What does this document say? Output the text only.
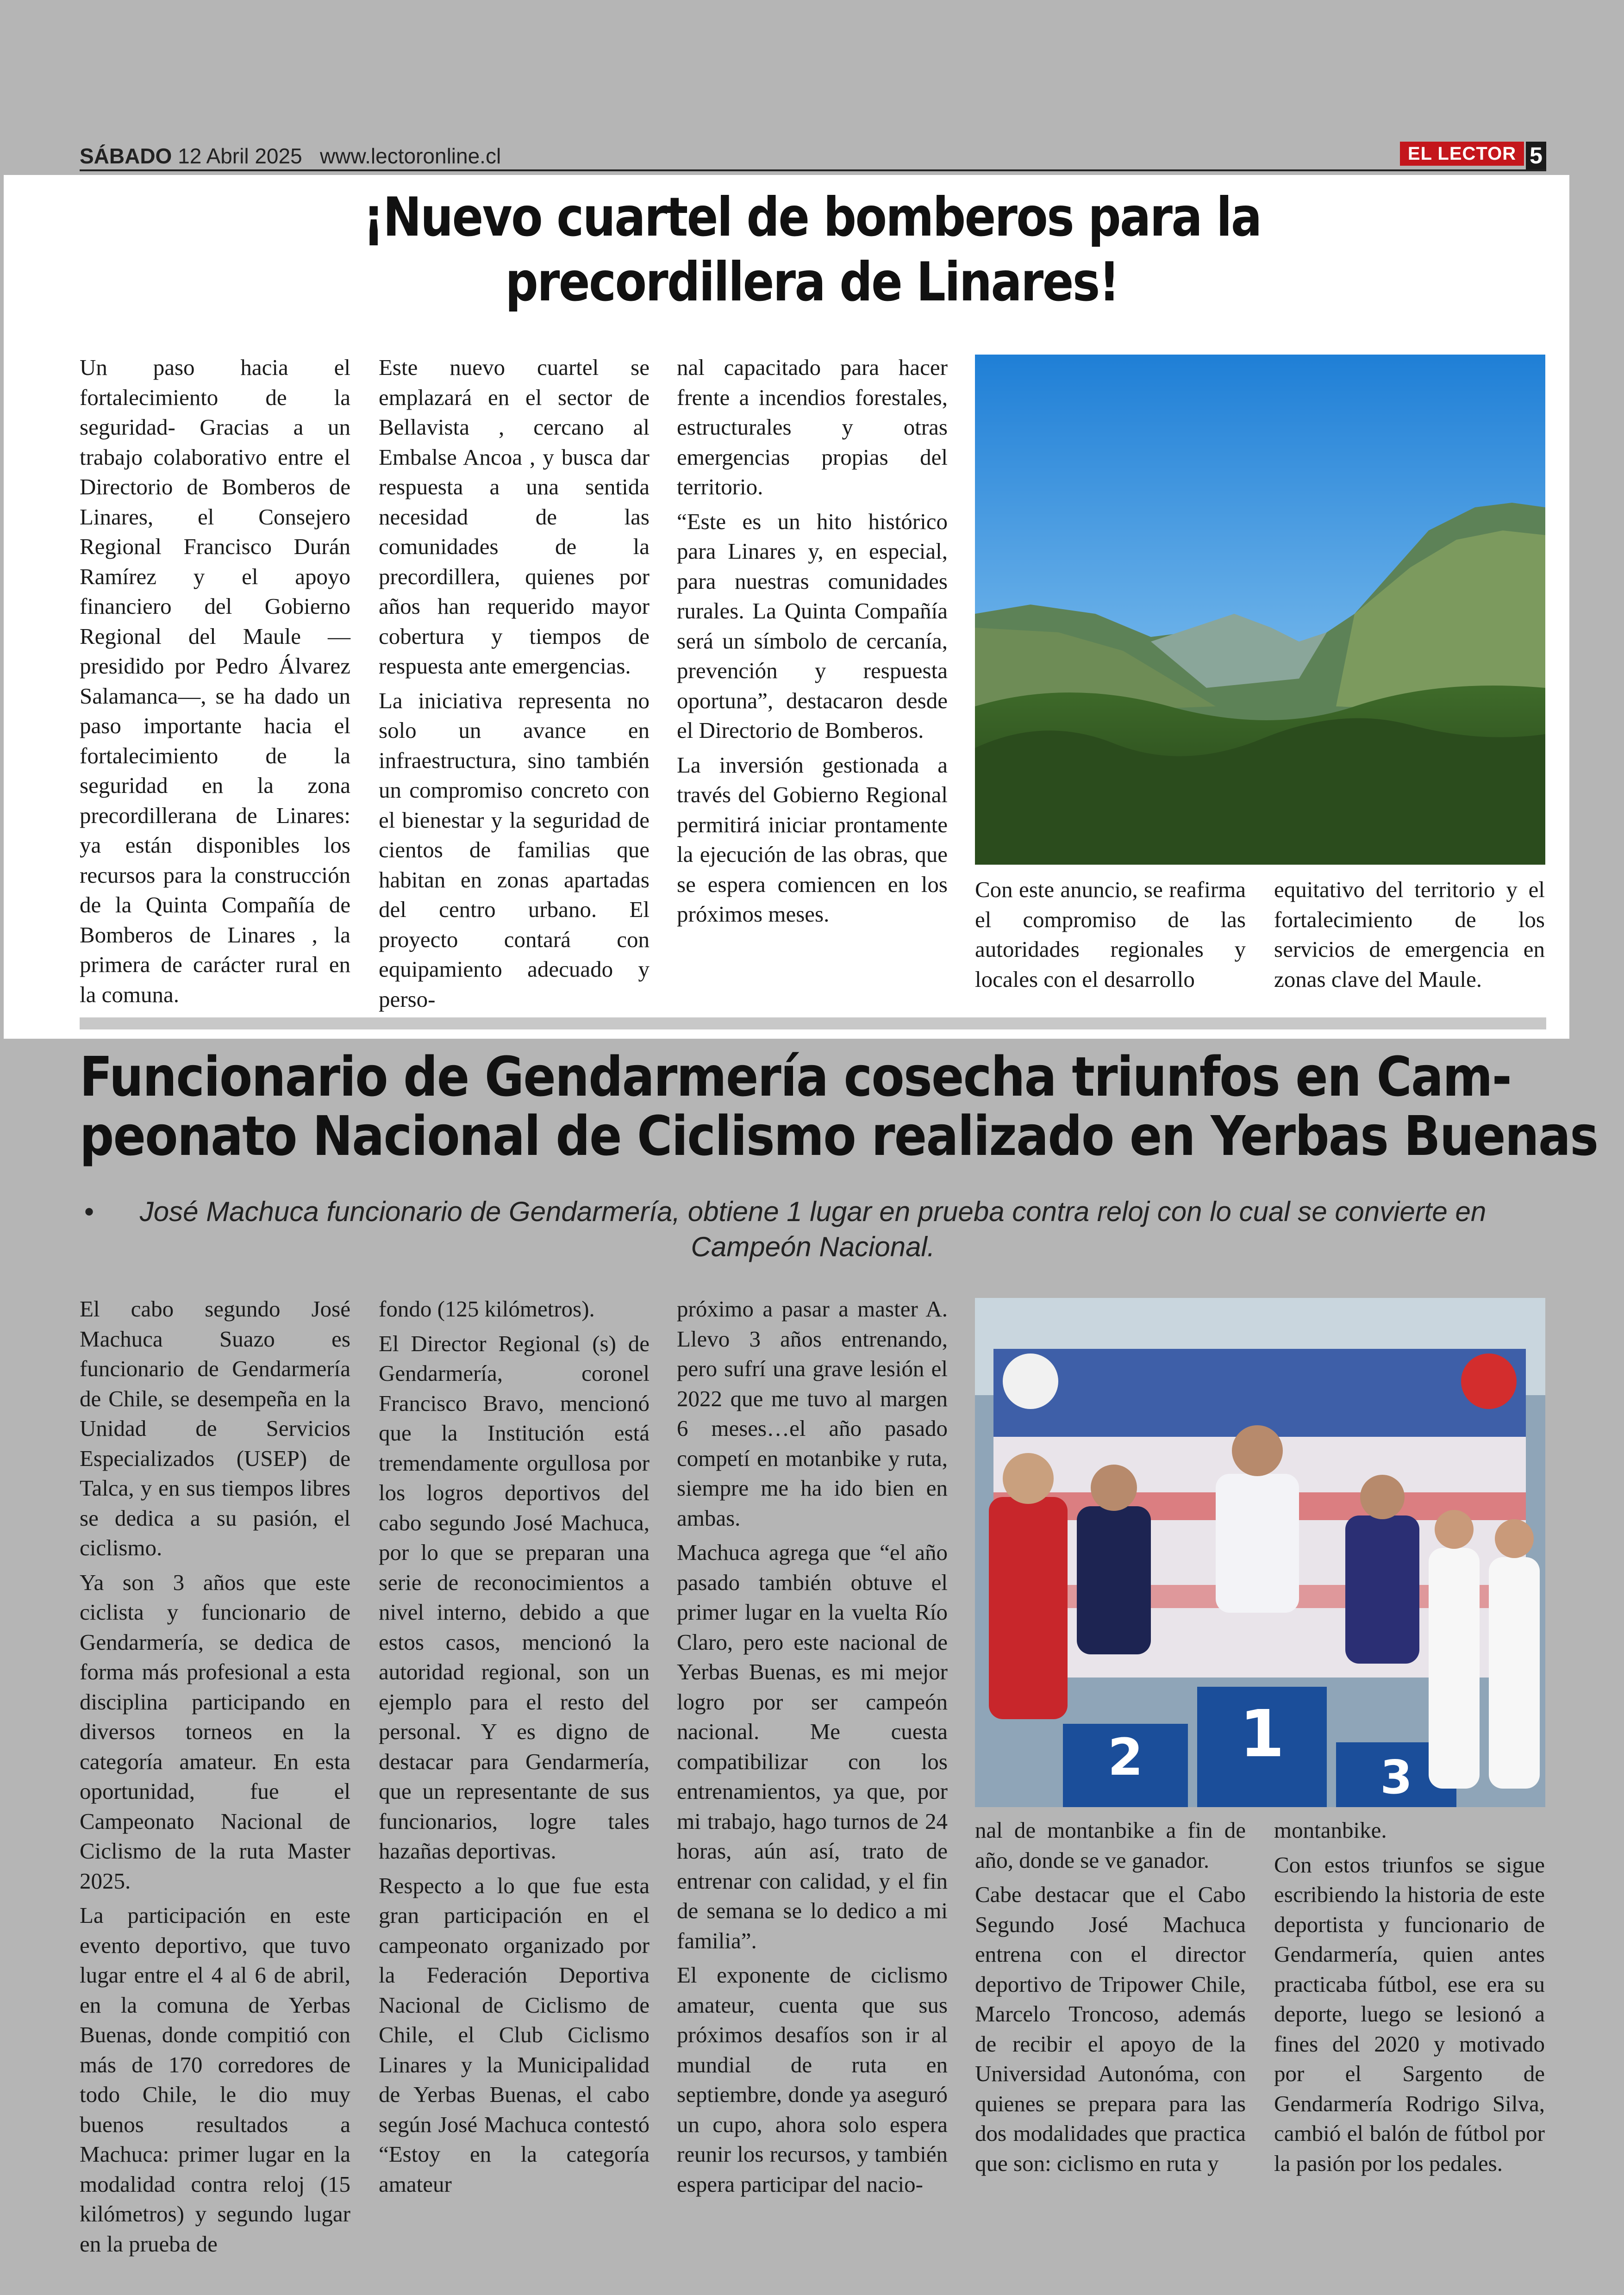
SÁBADO 12 Abril 2025 www.lectoronline.cl	EL LECTOR 5
¡Nuevo cuartel de bomberos para la
precordillera de Linares!

Un paso hacia el fortalecimiento de la seguridad- Gracias a un trabajo colaborativo entre el Directorio de Bomberos de Linares, el Consejero Regional Francisco Durán Ramírez y el apoyo financiero del Gobierno Regional del Maule —presidido por Pedro Álvarez Salamanca—, se ha dado un paso importante hacia el fortalecimiento de la seguridad en la zona precordillerana de Linares: ya están disponibles los recursos para la construcción de la Quinta Compañía de Bomberos de Linares , la primera de carácter rural en la comuna.

Este nuevo cuartel se emplazará en el sector de Bellavista , cercano al Embalse Ancoa , y busca dar respuesta a una sentida necesidad de las comunidades de la precordillera, quienes por años han requerido mayor cobertura y tiempos de respuesta ante emergencias.

La iniciativa representa no solo un avance en infraestructura, sino también un compromiso concreto con el bienestar y la seguridad de cientos de familias que habitan en zonas apartadas del centro urbano. El proyecto contará con equipamiento adecuado y perso-

nal capacitado para hacer frente a incendios forestales, estructurales y otras emergencias propias del territorio.

“Este es un hito histórico para Linares y, en especial, para nuestras comunidades rurales. La Quinta Compañía será un símbolo de cercanía, prevención y respuesta oportuna”, destacaron desde el Directorio de Bomberos.

La inversión gestionada a través del Gobierno Regional permitirá iniciar prontamente la ejecución de las obras, que se espera comiencen en los próximos meses.

Con este anuncio, se reafirma el compromiso de las autoridades regionales y locales con el desarrollo

equitativo del territorio y el fortalecimiento de los servicios de emergencia en zonas clave del Maule.

Funcionario de Gendarmería cosecha triunfos en Cam-
peonato Nacional de Ciclismo realizado en Yerbas Buenas
• José Machuca funcionario de Gendarmería, obtiene 1 lugar en prueba contra reloj con lo cual se convierte en Campeón Nacional.

El cabo segundo José Machuca Suazo es funcionario de Gendarmería de Chile, se desempeña en la Unidad de Servicios Especializados (USEP) de Talca, y en sus tiempos libres se dedica a su pasión, el ciclismo.

Ya son 3 años que este ciclista y funcionario de Gendarmería, se dedica de forma más profesional a esta disciplina participando en diversos torneos en la categoría amateur. En esta oportunidad, fue el Campeonato Nacional de Ciclismo de la ruta Master 2025.

La participación en este evento deportivo, que tuvo lugar entre el 4 al 6 de abril, en la comuna de Yerbas Buenas, donde compitió con más de 170 corredores de todo Chile, le dio muy buenos resultados a Machuca: primer lugar en la modalidad contra reloj (15 kilómetros) y segundo lugar en la prueba de

fondo (125 kilómetros).

El Director Regional (s) de Gendarmería, coronel Francisco Bravo, mencionó que la Institución está tremendamente orgullosa por los logros deportivos del cabo segundo José Machuca, por lo que se preparan una serie de reconocimientos a nivel interno, debido a que estos casos, mencionó la autoridad regional, son un ejemplo para el resto del personal. Y es digno de destacar para Gendarmería, que un representante de sus funcionarios, logre tales hazañas deportivas.

Respecto a lo que fue esta gran participación en el campeonato organizado por la Federación Deportiva Nacional de Ciclismo de Chile, el Club Ciclismo Linares y la Municipalidad de Yerbas Buenas, el cabo según José Machuca contestó “Estoy en la categoría amateur

próximo a pasar a master A. Llevo 3 años entrenando, pero sufrí una grave lesión el 2022 que me tuvo al margen 6 meses…el año pasado competí en motanbike y ruta, siempre me ha ido bien en ambas.

Machuca agrega que “el año pasado también obtuve el primer lugar en la vuelta Río Claro, pero este nacional de Yerbas Buenas, es mi mejor logro por ser campeón nacional. Me cuesta compatibilizar con los entrenamientos, ya que, por mi trabajo, hago turnos de 24 horas, aún así, trato de entrenar con calidad, y el fin de semana se lo dedico a mi familia”.

El exponente de ciclismo amateur, cuenta que sus próximos desafíos son ir al mundial de ruta en septiembre, donde ya aseguró un cupo, ahora solo espera reunir los recursos, y también espera participar del nacio-

2 1
3

nal de montanbike a fin de año, donde se ve ganador.

Cabe destacar que el Cabo Segundo José Machuca entrena con el director deportivo de Tripower Chile, Marcelo Troncoso, además de recibir el apoyo de la Universidad Autonóma, con quienes se prepara para las dos modalidades que practica que son: ciclismo en ruta y

montanbike.

Con estos triunfos se sigue escribiendo la historia de este deportista y funcionario de Gendarmería, quien antes practicaba fútbol, ese era su deporte, luego se lesionó a fines del 2020 y motivado por el Sargento de Gendarmería Rodrigo Silva, cambió el balón de fútbol por la pasión por los pedales.
